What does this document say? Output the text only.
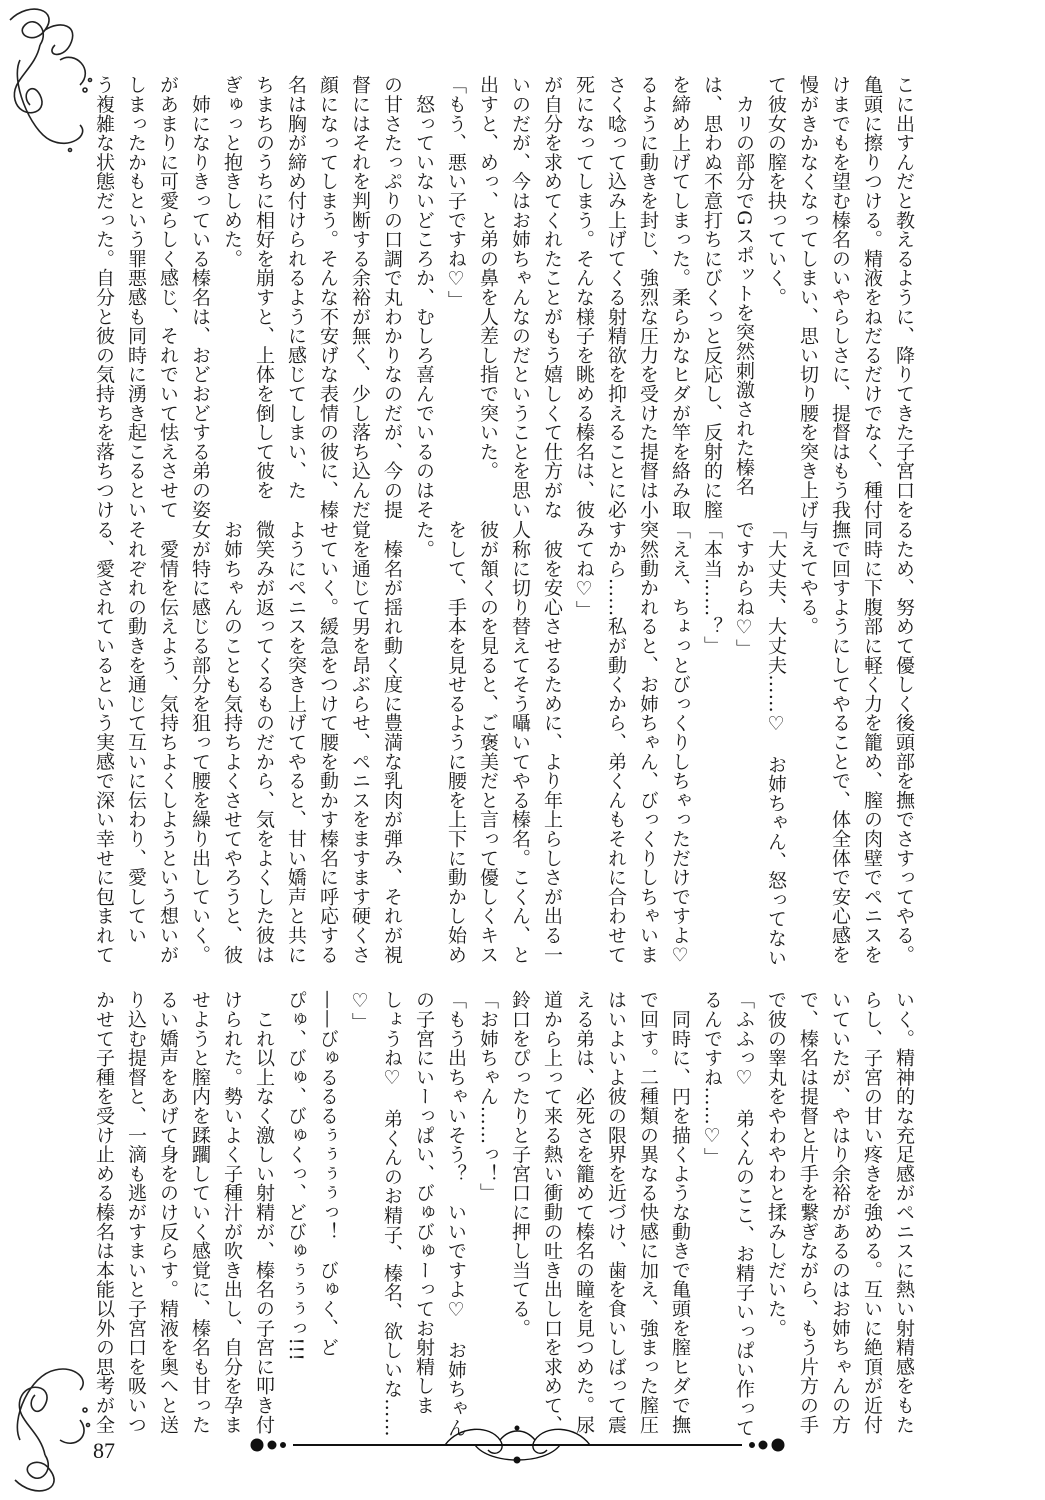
こに出すんだと教えるように、降りてきた子宮口を
亀頭に擦りつける。精液をねだるだけでなく、種付
けまでもを望む榛名のいやらしさに、提督はもう我
慢がきかなくなってしまい、思い切り腰を突き上げ
て彼女の膣を抉っていく。
　カリの部分でGスポットを突然刺激された榛名
は、思わぬ不意打ちにびくっと反応し、反射的に膣
を締め上げてしまった。柔らかなヒダが竿を絡み取
るように動きを封じ、強烈な圧力を受けた提督は小
さく唸って込み上げてくる射精欲を抑えることに必
死になってしまう。そんな様子を眺める榛名は、彼
が自分を求めてくれたことがもう嬉しくて仕方がな
いのだが、今はお姉ちゃんなのだということを思い
出すと、めっ、と弟の鼻を人差し指で突いた。
「もう、悪い子ですね♡」
　怒っていないどころか、むしろ喜んでいるのはそ
の甘さたっぷりの口調で丸わかりなのだが、今の提
督にはそれを判断する余裕が無く、少し落ち込んだ
顔になってしまう。そんな不安げな表情の彼に、榛
名は胸が締め付けられるように感じてしまい、た
ちまちのうちに相好を崩すと、上体を倒して彼を
ぎゅっと抱きしめた。
　姉になりきっている榛名は、おどおどする弟の姿
があまりに可愛らしく感じ、それでいて怯えさせて
しまったかもという罪悪感も同時に湧き起こるとい
う複雑な状態だった。自分と彼の気持ちを落ちつけ
るため、努めて優しく後頭部を撫でさすってやる。
同時に下腹部に軽く力を籠め、膣の肉壁でペニスを
撫で回すようにしてやることで、体全体で安心感を
与えてやる。
「大丈夫、大丈夫……♡　お姉ちゃん、怒ってない
ですからね♡」
「本当……？」
「ええ、ちょっとびっくりしちゃっただけですよ♡
突然動かれると、お姉ちゃん、びっくりしちゃいま
すから……私が動くから、弟くんもそれに合わせて
みてね♡」
　彼を安心させるために、より年上らしさが出る一
人称に切り替えてそう囁いてやる榛名。こくん、と
彼が頷くのを見ると、ご褒美だと言って優しくキス
をして、手本を見せるように腰を上下に動かし始め
た。
　榛名が揺れ動く度に豊満な乳肉が弾み、それが視
覚を通じて男を昂ぶらせ、ペニスをますます硬くさ
せていく。緩急をつけて腰を動かす榛名に呼応する
ようにペニスを突き上げてやると、甘い嬌声と共に
微笑みが返ってくるものだから、気をよくした彼は
お姉ちゃんのことも気持ちよくさせてやろうと、彼
女が特に感じる部分を狙って腰を繰り出していく。
　愛情を伝えよう、気持ちよくしようという想いが
それぞれの動きを通じて互いに伝わり、愛してい
る、愛されているという実感で深い幸せに包まれて
いく。精神的な充足感がペニスに熱い射精感をもた
らし、子宮の甘い疼きを強める。互いに絶頂が近付
いていたが、やはり余裕があるのはお姉ちゃんの方
で、榛名は提督と片手を繋ぎながら、もう片方の手
で彼の睾丸をやわやわと揉みしだいた。
「ふふっ♡　弟くんのここ、お精子いっぱい作って
るんですね……♡」
　同時に、円を描くような動きで亀頭を膣ヒダで撫
で回す。二種類の異なる快感に加え、強まった膣圧
はいよいよ彼の限界を近づけ、歯を食いしばって震
える弟は、必死さを籠めて榛名の瞳を見つめた。尿
道から上って来る熱い衝動の吐き出し口を求めて、
鈴口をぴったりと子宮口に押し当てる。
「お姉ちゃん……っ！」
「もう出ちゃいそう？　いいですよ♡　お姉ちゃん
の子宮にいーっぱい、びゅびゅーってお射精しま
しょうね♡　弟くんのお精子、榛名、欲しいな……
♡」
——びゅるるるぅぅぅぅっ！　びゅく、ど
ぴゅ、びゅ、びゅくっ、どびゅぅぅぅっ!!!
　これ以上なく激しい射精が、榛名の子宮に叩き付
けられた。勢いよく子種汁が吹き出し、自分を孕ま
せようと膣内を蹂躙していく感覚に、榛名も甘った
るい嬌声をあげて身をのけ反らす。精液を奥へと送
り込む提督と、一滴も逃がすまいと子宮口を吸いつ
かせて子種を受け止める榛名は本能以外の思考が全
87
